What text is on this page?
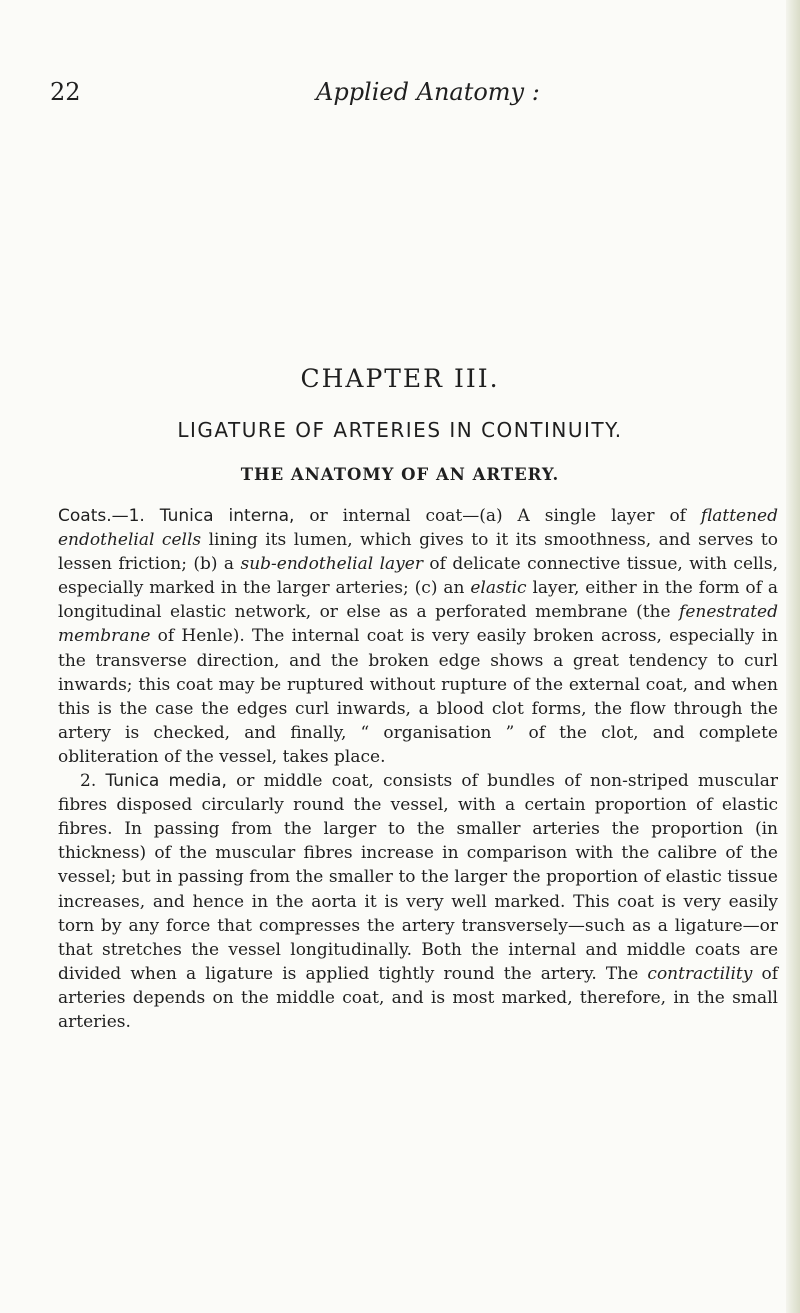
22	Applied Anatomy :
CHAPTER III.
LIGATURE OF ARTERIES IN CONTINUITY.
THE ANATOMY OF AN ARTERY.

Coats.—1. Tunica interna, or internal coat—(a) A single layer of flattened endothelial cells lining its lumen, which gives to it its smoothness, and serves to lessen friction; (b) a sub-endothelial layer of delicate connective tissue, with cells, especially marked in the larger arteries; (c) an elastic layer, either in the form of a longitudinal elastic network, or else as a perforated membrane (the fenestrated membrane of Henle). The internal coat is very easily broken across, especially in the transverse direction, and the broken edge shows a great tendency to curl inwards; this coat may be ruptured without rupture of the external coat, and when this is the case the edges curl inwards, a blood clot forms, the flow through the artery is checked, and finally, “ organisation ” of the clot, and complete obliteration of the vessel, takes place.

2. Tunica media, or middle coat, consists of bundles of non-striped muscular fibres disposed circularly round the vessel, with a certain proportion of elastic fibres. In passing from the larger to the smaller arteries the proportion (in thickness) of the muscular fibres increase in comparison with the calibre of the vessel; but in passing from the smaller to the larger the proportion of elastic tissue increases, and hence in the aorta it is very well marked. This coat is very easily torn by any force that compresses the artery transversely—such as a ligature—or that stretches the vessel longitudinally. Both the internal and middle coats are divided when a ligature is applied tightly round the artery. The contractility of arteries depends on the middle coat, and is most marked, therefore, in the small arteries.
